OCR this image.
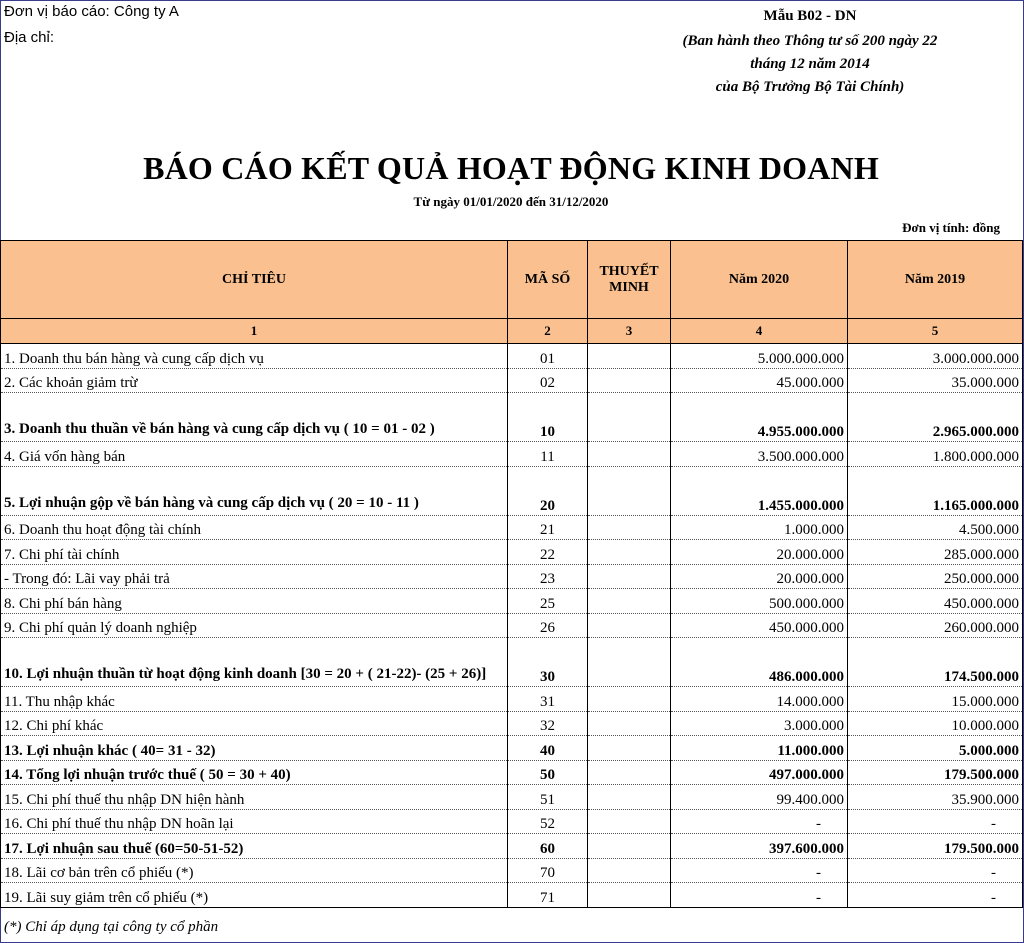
Đơn vị báo cáo: Công ty A
Địa chỉ:
Mẫu B02 - DN
(Ban hành theo Thông tư số 200 ngày 22
tháng 12 năm 2014
của Bộ Trưởng Bộ Tài Chính)
BÁO CÁO KẾT QUẢ HOẠT ĐỘNG KINH DOANH
Từ ngày 01/01/2020 đến 31/12/2020
Đơn vị tính: đồng
CHỈ TIÊU	MÃ SỐ	THUYẾT MINH	Năm 2020	Năm 2019
1	2	3	4	5
1. Doanh thu bán hàng và cung cấp dịch vụ	01		5.000.000.000	3.000.000.000
2. Các khoản giảm trừ	02		45.000.000	35.000.000
3. Doanh thu thuần về bán hàng và cung cấp dịch vụ ( 10 = 01 - 02 )	10		4.955.000.000	2.965.000.000
4. Giá vốn hàng bán	11		3.500.000.000	1.800.000.000
5. Lợi nhuận gộp về bán hàng và cung cấp dịch vụ ( 20 = 10 - 11 )	20		1.455.000.000	1.165.000.000
6. Doanh thu hoạt động tài chính	21		1.000.000	4.500.000
7. Chi phí tài chính	22		20.000.000	285.000.000
- Trong đó: Lãi vay phải trả	23		20.000.000	250.000.000
8. Chi phí bán hàng	25		500.000.000	450.000.000
9. Chi phí quản lý doanh nghiệp	26		450.000.000	260.000.000
10. Lợi nhuận thuần từ hoạt động kinh doanh [30 = 20 + ( 21-22)- (25 + 26)]	30		486.000.000	174.500.000
11. Thu nhập khác	31		14.000.000	15.000.000
12. Chi phí khác	32		3.000.000	10.000.000
13. Lợi nhuận khác ( 40= 31 - 32)	40		11.000.000	5.000.000
14. Tổng lợi nhuận trước thuế ( 50 = 30 + 40)	50		497.000.000	179.500.000
15. Chi phí thuế thu nhập DN hiện hành	51		99.400.000	35.900.000
16. Chi phí thuế thu nhập DN hoãn lại	52		-	-
17. Lợi nhuận sau thuế (60=50-51-52)	60		397.600.000	179.500.000
18. Lãi cơ bản trên cổ phiếu (*)	70		-	-
19. Lãi suy giảm trên cổ phiếu (*)	71		-	-
(*) Chỉ áp dụng tại công ty cổ phần
